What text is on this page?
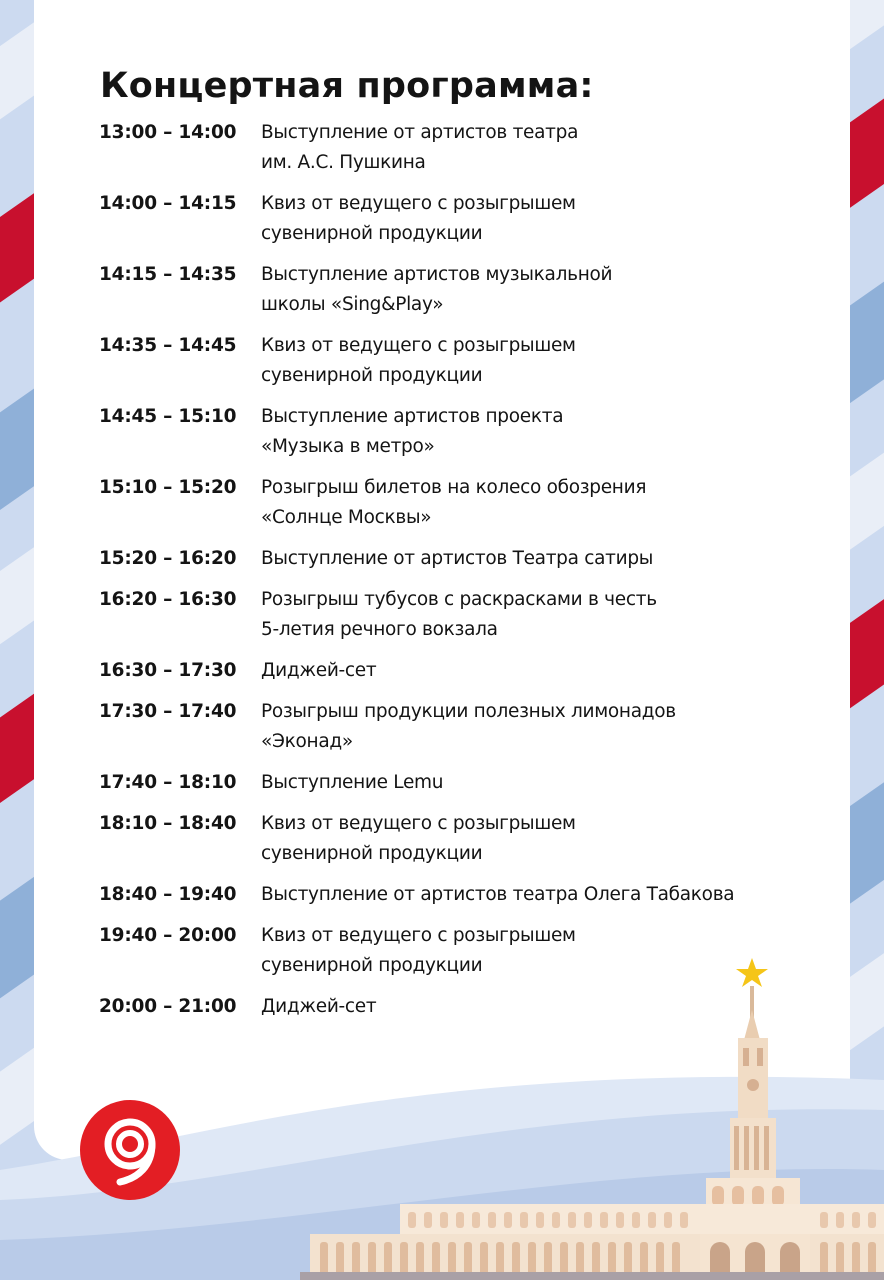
Концертная программа:
13:00 – 14:00	Выступление от артистов театра
им. А.С. Пушкина
14:00 – 14:15	Квиз от ведущего с розыгрышем
сувенирной продукции
14:15 – 14:35	Выступление артистов музыкальной
школы «Sing&Play»
14:35 – 14:45	Квиз от ведущего с розыгрышем
сувенирной продукции
14:45 – 15:10	Выступление артистов проекта
«Музыка в метро»
15:10 – 15:20	Розыгрыш билетов на колесо обозрения
«Солнце Москвы»
15:20 – 16:20	Выступление от артистов Театра сатиры
16:20 – 16:30	Розыгрыш тубусов с раскрасками в честь
5-летия речного вокзала
16:30 – 17:30	Диджей-сет
17:30 – 17:40	Розыгрыш продукции полезных лимонадов
«Эконад»
17:40 – 18:10	Выступление Lemu
18:10 – 18:40	Квиз от ведущего с розыгрышем
сувенирной продукции
18:40 – 19:40	Выступление от артистов театра Олега Табакова
19:40 – 20:00	Квиз от ведущего с розыгрышем
сувенирной продукции
20:00 – 21:00	Диджей-сет
